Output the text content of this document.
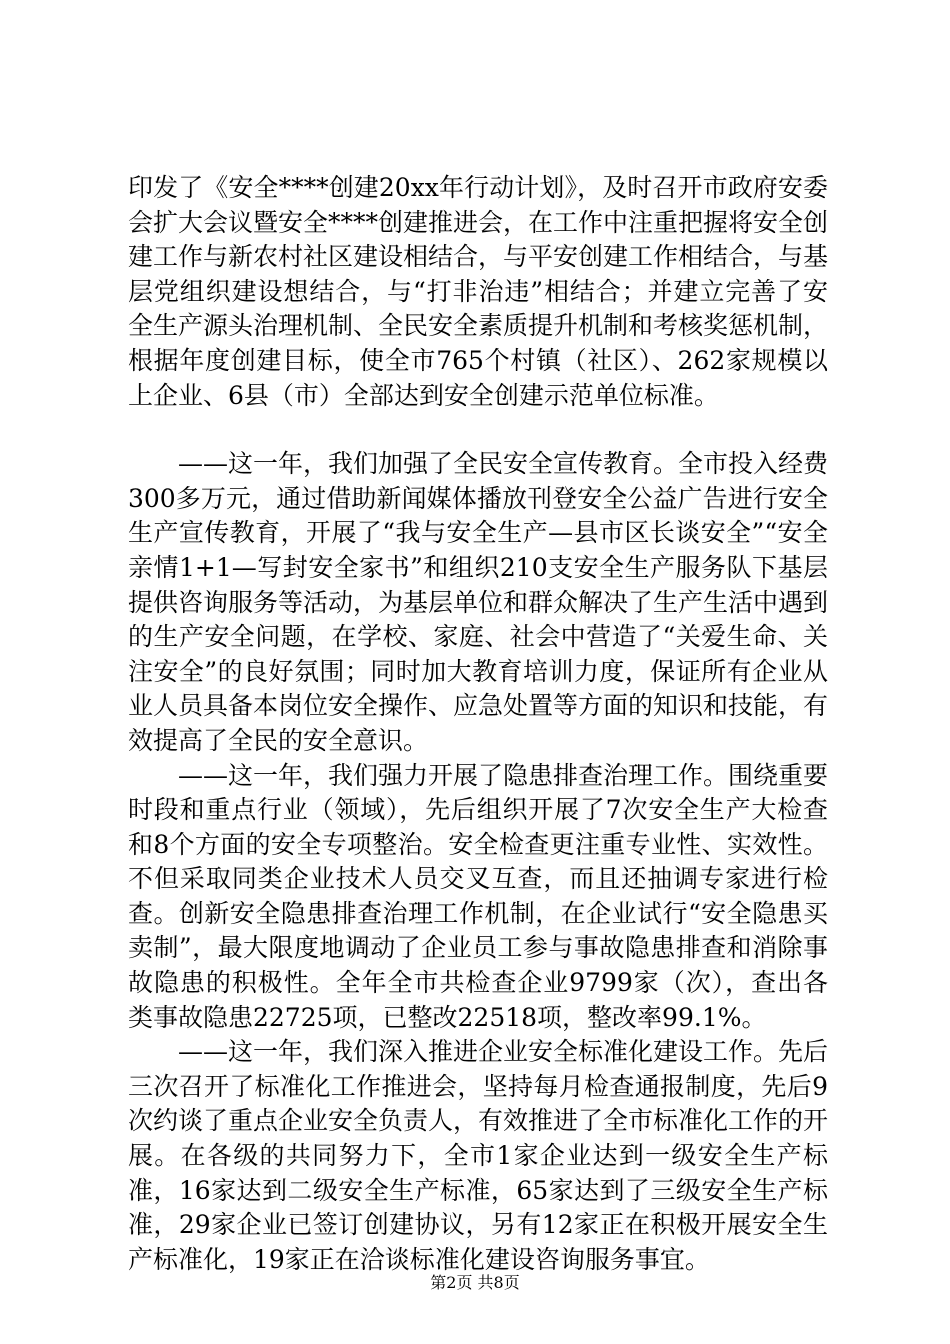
印发了《安全****创建20xx年行动计划》，及时召开市政府安委会扩大会议暨安全****创建推进会，在工作中注重把握将安全创建工作与新农村社区建设相结合，与平安创建工作相结合，与基层党组织建设想结合，与“打非治违”相结合；并建立完善了安全生产源头治理机制、全民安全素质提升机制和考核奖惩机制，根据年度创建目标，使全市765个村镇（社区）、262家规模以上企业、6县（市）全部达到安全创建示范单位标准。

——这一年，我们加强了全民安全宣传教育。全市投入经费300多万元，通过借助新闻媒体播放刊登安全公益广告进行安全生产宣传教育，开展了“我与安全生产—县市区长谈安全”“安全亲情1+1—写封安全家书”和组织210支安全生产服务队下基层提供咨询服务等活动，为基层单位和群众解决了生产生活中遇到的生产安全问题，在学校、家庭、社会中营造了“关爱生命、关注安全”的良好氛围；同时加大教育培训力度，保证所有企业从业人员具备本岗位安全操作、应急处置等方面的知识和技能，有效提高了全民的安全意识。

——这一年，我们强力开展了隐患排查治理工作。围绕重要时段和重点行业（领域），先后组织开展了7次安全生产大检查和8个方面的安全专项整治。安全检查更注重专业性、实效性。不但采取同类企业技术人员交叉互查，而且还抽调专家进行检查。创新安全隐患排查治理工作机制，在企业试行“安全隐患买卖制”，最大限度地调动了企业员工参与事故隐患排查和消除事故隐患的积极性。全年全市共检查企业9799家（次），查出各类事故隐患22725项，已整改22518项，整改率99.1%。

——这一年，我们深入推进企业安全标准化建设工作。先后三次召开了标准化工作推进会，坚持每月检查通报制度，先后9次约谈了重点企业安全负责人，有效推进了全市标准化工作的开展。在各级的共同努力下，全市1家企业达到一级安全生产标准，16家达到二级安全生产标准，65家达到了三级安全生产标准，29家企业已签订创建协议，另有12家正在积极开展安全生产标准化，19家正在洽谈标准化建设咨询服务事宜。

第2页 共8页
